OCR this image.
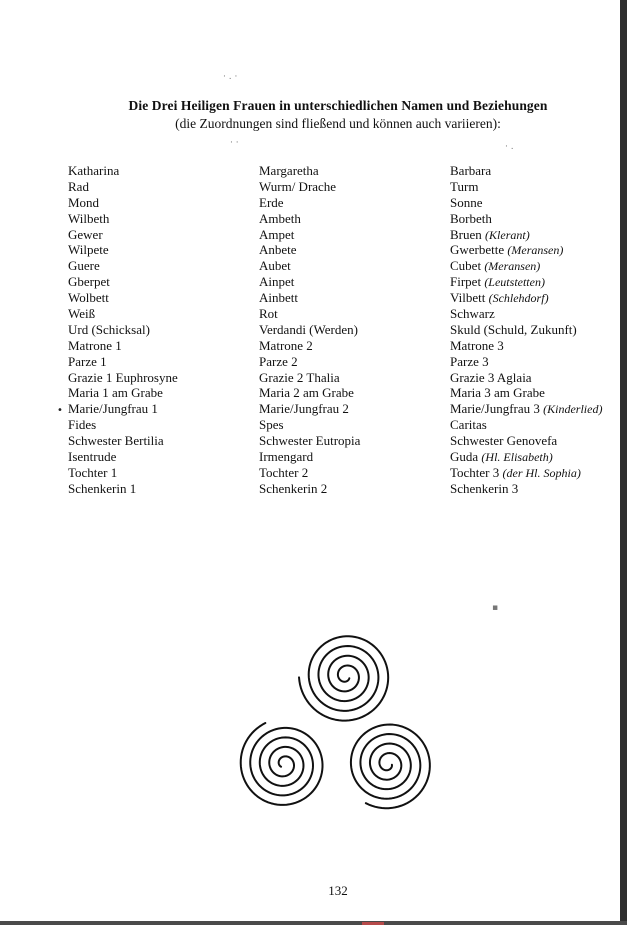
· . ·
· ·	· .
▪
Die Drei Heiligen Frauen in unterschiedlichen Namen und Beziehungen
(die Zuordnungen sind fließend und können auch variieren):
Katharina
Rad
Mond
Wilbeth
Gewer
Wilpete
Guere
Gberpet
Wolbett
Weiß
Urd (Schicksal)
Matrone 1
Parze 1
Grazie 1 Euphrosyne
Maria 1 am Grabe
Marie/Jungfrau 1
Fides
Schwester Bertilia
Isentrude
Tochter 1
Schenkerin 1
•
Margaretha
Wurm/ Drache
Erde
Ambeth
Ampet
Anbete
Aubet
Ainpet
Ainbett
Rot
Verdandi (Werden)
Matrone 2
Parze 2
Grazie 2 Thalia
Maria 2 am Grabe
Marie/Jungfrau 2
Spes
Schwester Eutropia
Irmengard
Tochter 2
Schenkerin 2
Barbara
Turm
Sonne
Borbeth
Bruen (Klerant)
Gwerbette (Meransen)
Cubet (Meransen)
Firpet (Leutstetten)
Vilbett (Schlehdorf)
Schwarz
Skuld (Schuld, Zukunft)
Matrone 3
Parze 3
Grazie 3 Aglaia
Maria 3 am Grabe
Marie/Jungfrau 3 (Kinderlied)
Caritas
Schwester Genovefa
Guda (Hl. Elisabeth)
Tochter 3 (der Hl. Sophia)
Schenkerin 3
132
